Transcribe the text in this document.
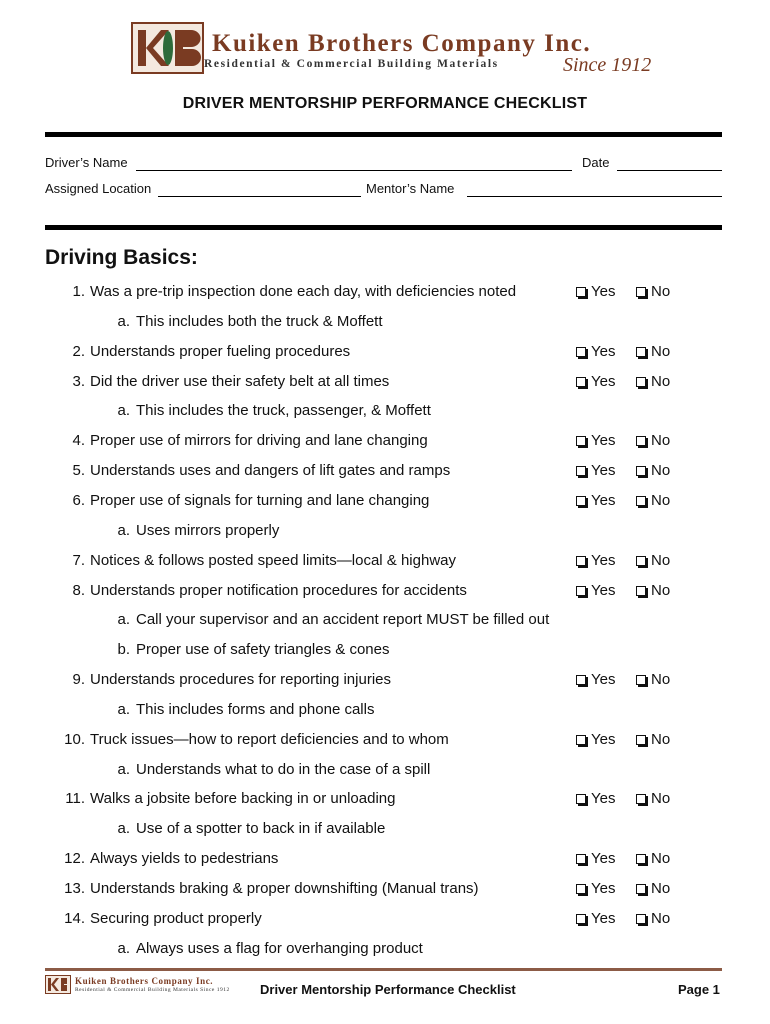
Kuiken Brothers Company Inc.
Residential & Commercial Building Materials	Since 1912
DRIVER MENTORSHIP PERFORMANCE CHECKLIST
Driver’s Name	Date
Assigned Location	Mentor’s Name
Driving Basics:
1. Was a pre-trip inspection done each day, with deficiencies noted	Yes No
a. This includes both the truck & Moffett
2. Understands proper fueling procedures	Yes No
3. Did the driver use their safety belt at all times	Yes No
a. This includes the truck, passenger, & Moffett
4. Proper use of mirrors for driving and lane changing	Yes No
5. Understands uses and dangers of lift gates and ramps	Yes No
6. Proper use of signals for turning and lane changing	Yes No
a. Uses mirrors properly
7. Notices & follows posted speed limits—local & highway	Yes No
8. Understands proper notification procedures for accidents	Yes No
a. Call your supervisor and an accident report MUST be filled out
b. Proper use of safety triangles & cones
9. Understands procedures for reporting injuries	Yes No
a. This includes forms and phone calls
10. Truck issues—how to report deficiencies and to whom	Yes No
a. Understands what to do in the case of a spill
11. Walks a jobsite before backing in or unloading	Yes No
a. Use of a spotter to back in if available
12. Always yields to pedestrians	Yes No
13. Understands braking & proper downshifting (Manual trans)	Yes No
14. Securing product properly	Yes No
a. Always uses a flag for overhanging product
Kuiken Brothers Company Inc.
Residential & Commercial Building Materials Since 1912 Driver Mentorship Performance Checklist	Page 1
